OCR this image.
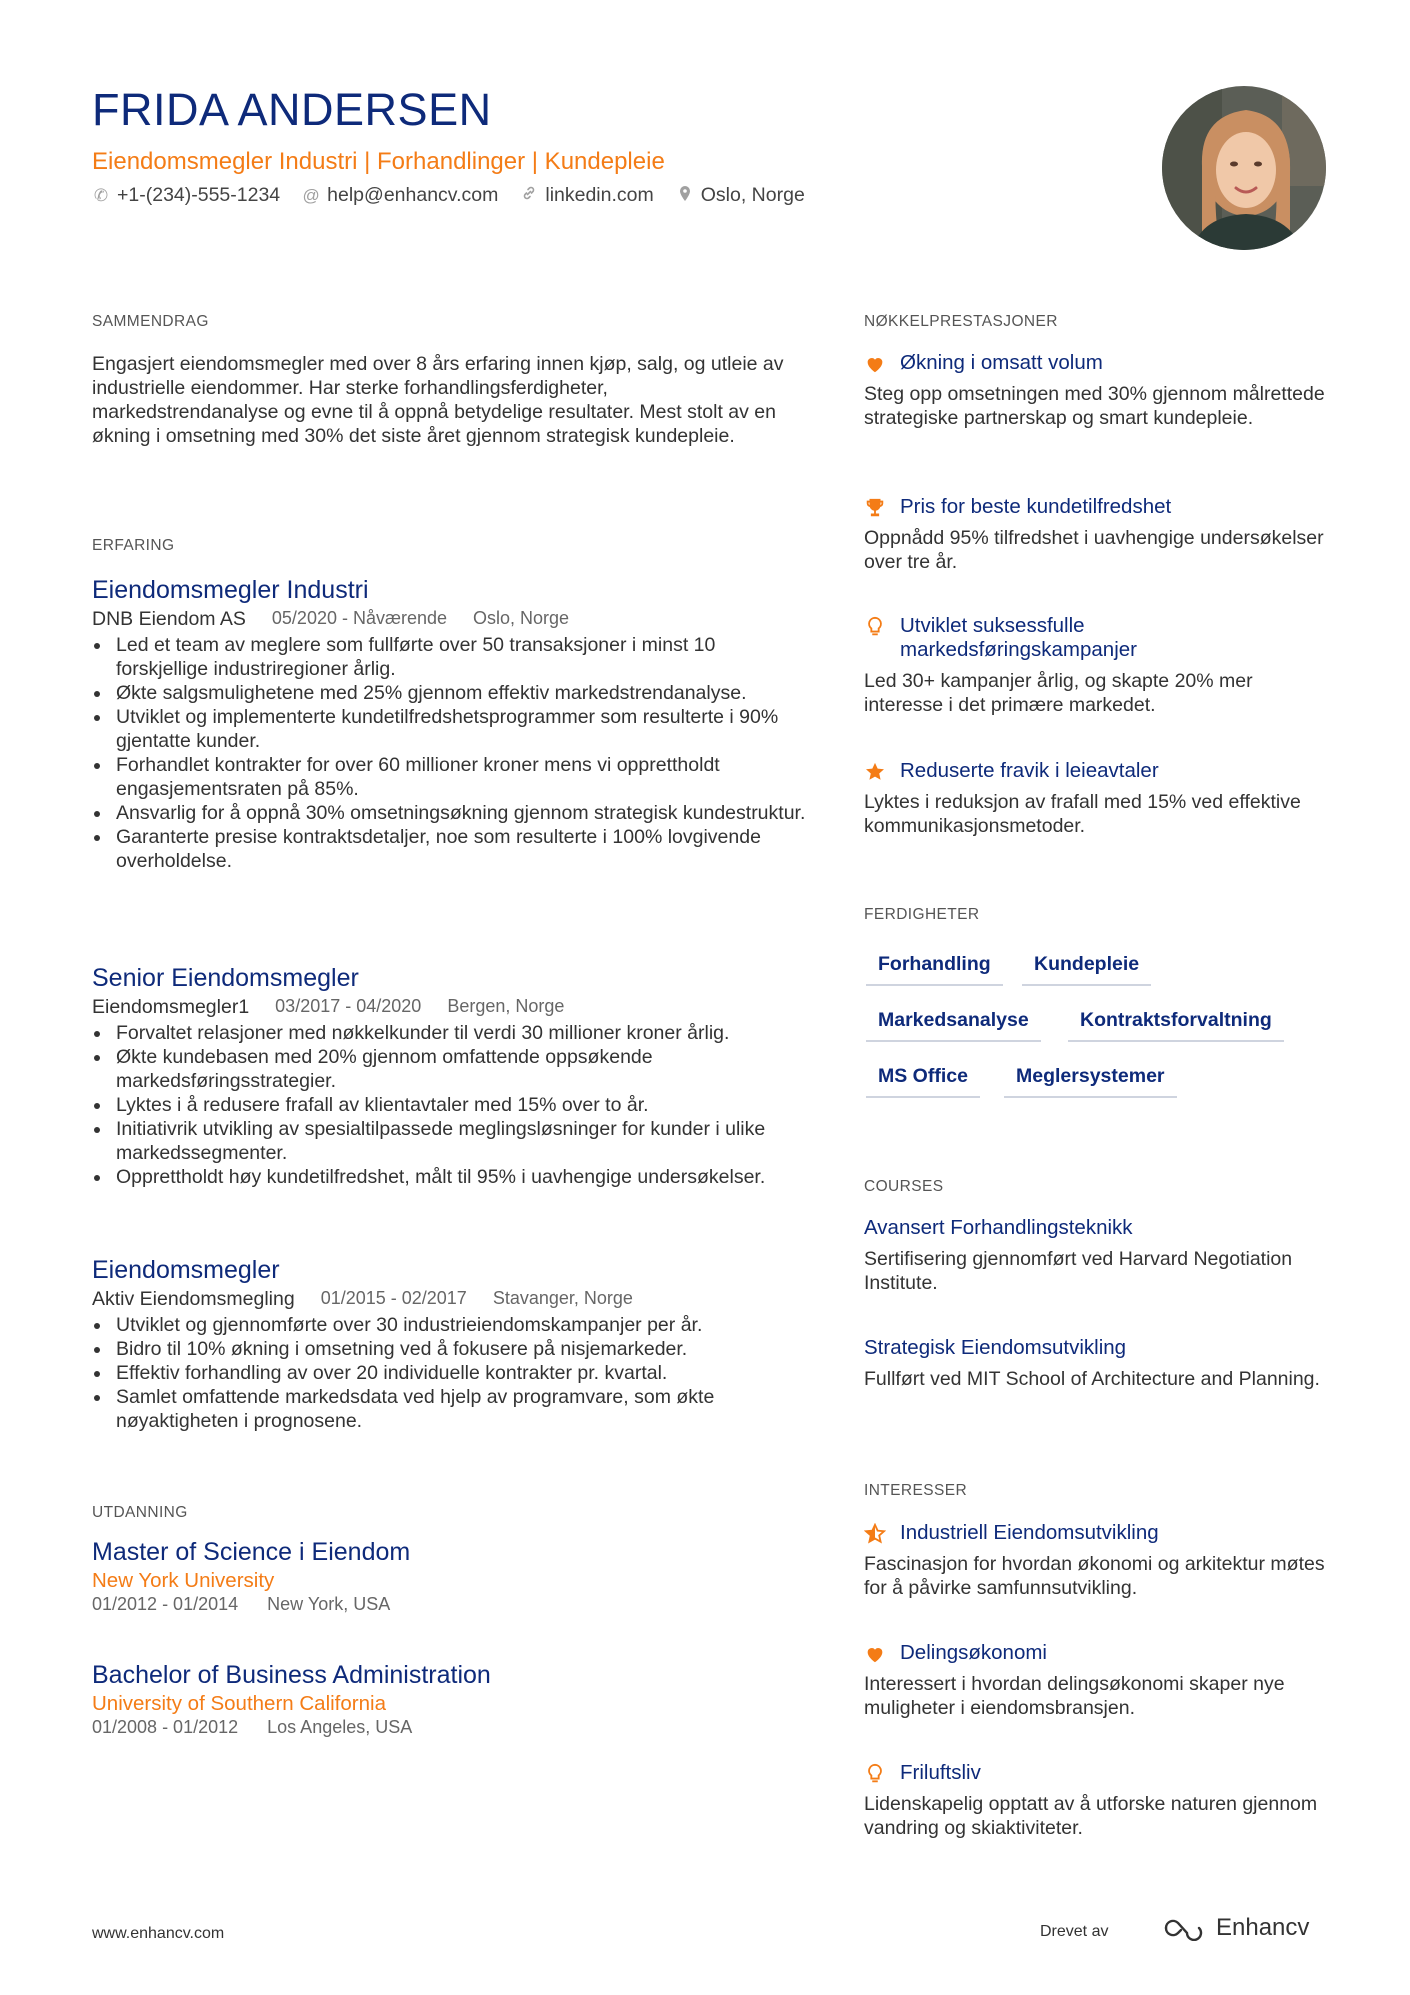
FRIDA ANDERSEN
Eiendomsmegler Industri | Forhandlinger | Kundepleie
✆ +1-(234)-555-1234 @ help@enhancv.com linkedin.com Oslo, Norge
SAMMENDRAG
Engasjert eiendomsmegler med over 8 års erfaring innen kjøp, salg, og utleie av industrielle eiendommer. Har sterke forhandlingsferdigheter, markedstrendanalyse og evne til å oppnå betydelige resultater. Mest stolt av en økning i omsetning med 30% det siste året gjennom strategisk kundepleie.
ERFARING
Eiendomsmegler Industri
DNB Eiendom AS 05/2020 - Nåværende Oslo, Norge
• Led et team av meglere som fullførte over 50 transaksjoner i minst 10 forskjellige industriregioner årlig.
• Økte salgsmulighetene med 25% gjennom effektiv markedstrendanalyse.
• Utviklet og implementerte kundetilfredshetsprogrammer som resulterte i 90% gjentatte kunder.
• Forhandlet kontrakter for over 60 millioner kroner mens vi opprettholdt engasjementsraten på 85%.
• Ansvarlig for å oppnå 30% omsetningsøkning gjennom strategisk kundestruktur.
• Garanterte presise kontraktsdetaljer, noe som resulterte i 100% lovgivende overholdelse.
Senior Eiendomsmegler
Eiendomsmegler1 03/2017 - 04/2020 Bergen, Norge
• Forvaltet relasjoner med nøkkelkunder til verdi 30 millioner kroner årlig.
• Økte kundebasen med 20% gjennom omfattende oppsøkende markedsføringsstrategier.
• Lyktes i å redusere frafall av klientavtaler med 15% over to år.
• Initiativrik utvikling av spesialtilpassede meglingsløsninger for kunder i ulike markedssegmenter.
• Opprettholdt høy kundetilfredshet, målt til 95% i uavhengige undersøkelser.
Eiendomsmegler
Aktiv Eiendomsmegling 01/2015 - 02/2017 Stavanger, Norge
• Utviklet og gjennomførte over 30 industrieiendomskampanjer per år.
• Bidro til 10% økning i omsetning ved å fokusere på nisjemarkeder.
• Effektiv forhandling av over 20 individuelle kontrakter pr. kvartal.
• Samlet omfattende markedsdata ved hjelp av programvare, som økte nøyaktigheten i prognosene.
UTDANNING
Master of Science i Eiendom
New York University
01/2012 - 01/2014 New York, USA
Bachelor of Business Administration
University of Southern California
01/2008 - 01/2012 Los Angeles, USA
NØKKELPRESTASJONER
Økning i omsatt volum
Steg opp omsetningen med 30% gjennom målrettede strategiske partnerskap og smart kundepleie.
Pris for beste kundetilfredshet
Oppnådd 95% tilfredshet i uavhengige undersøkelser over tre år.
Utviklet suksessfulle markedsføringskampanjer
Led 30+ kampanjer årlig, og skapte 20% mer interesse i det primære markedet.
Reduserte fravik i leieavtaler
Lyktes i reduksjon av frafall med 15% ved effektive kommunikasjonsmetoder.
FERDIGHETER
Forhandling	Kundepleie
Markedsanalyse	Kontraktsforvaltning
MS Office	Meglersystemer
COURSES
Avansert Forhandlingsteknikk
Sertifisering gjennomført ved Harvard Negotiation Institute.
Strategisk Eiendomsutvikling
Fullført ved MIT School of Architecture and Planning.
INTERESSER
Industriell Eiendomsutvikling
Fascinasjon for hvordan økonomi og arkitektur møtes for å påvirke samfunnsutvikling.
Delingsøkonomi
Interessert i hvordan delingsøkonomi skaper nye muligheter i eiendomsbransjen.
Friluftsliv
Lidenskapelig opptatt av å utforske naturen gjennom vandring og skiaktiviteter.
www.enhancv.com	Drevet av	Enhancv
